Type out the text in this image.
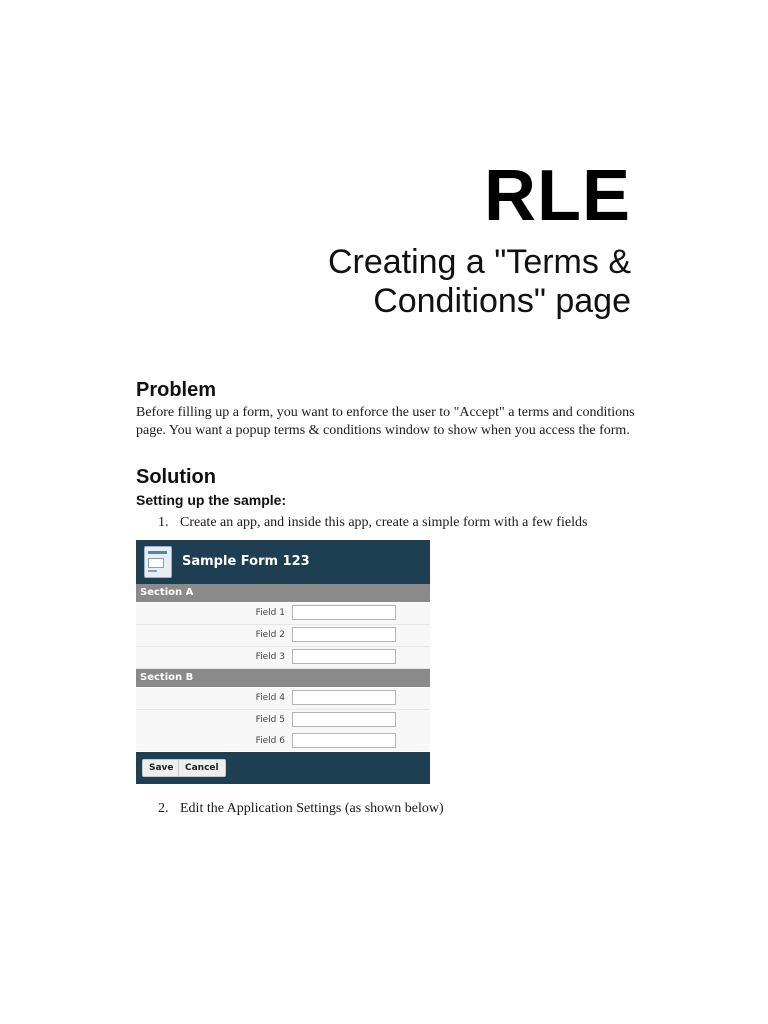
RLE
Creating a "Terms &
Conditions" page
Problem
Before filling up a form, you want to enforce the user to "Accept" a terms and conditions
page. You want a popup terms & conditions window to show when you access the form.
Solution
Setting up the sample:
1. Create an app, and inside this app, create a simple form with a few fields
Sample Form 123
Section A
Field 1
Field 2
Field 3
Section B
Field 4
Field 5
Field 6
Save	Cancel
2. Edit the Application Settings (as shown below)
